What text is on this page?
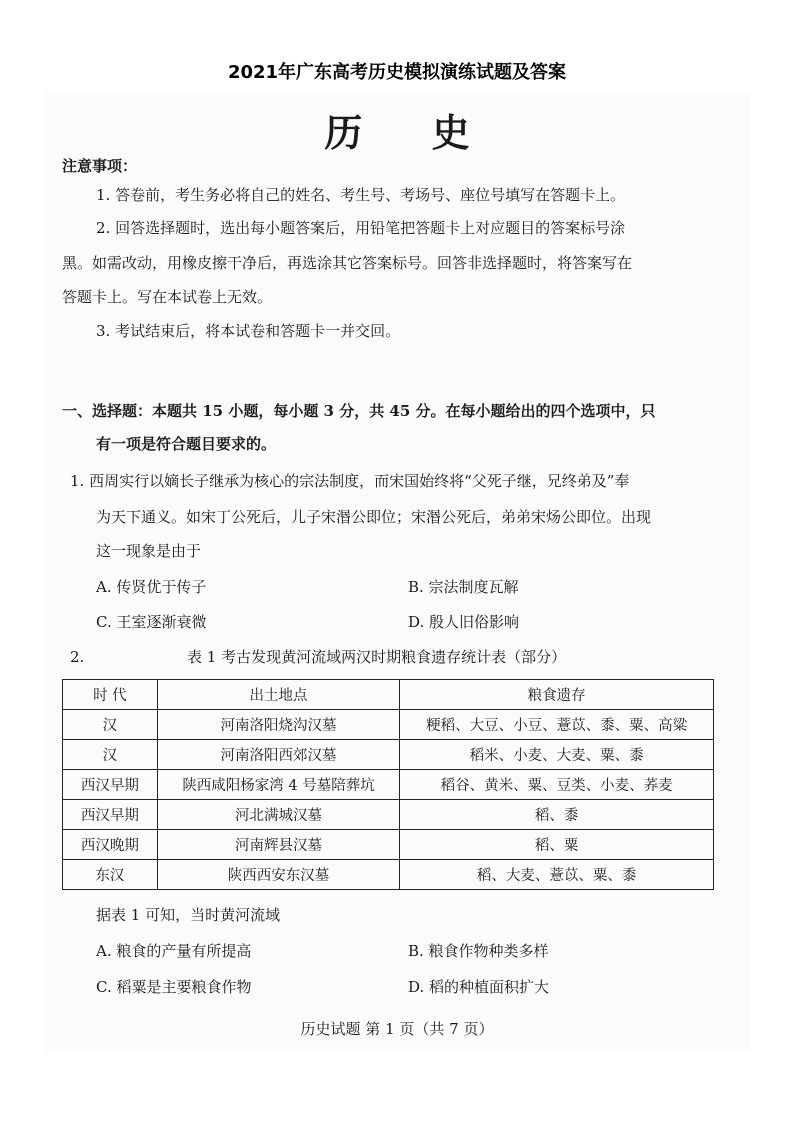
2021年广东高考历史模拟演练试题及答案
历 史
注意事项：
1. 答卷前，考生务必将自己的姓名、考生号、考场号、座位号填写在答题卡上。
2. 回答选择题时，选出每小题答案后，用铅笔把答题卡上对应题目的答案标号涂
黑。如需改动，用橡皮擦干净后，再选涂其它答案标号。回答非选择题时，将答案写在
答题卡上。写在本试卷上无效。
3. 考试结束后，将本试卷和答题卡一并交回。
一、选择题：本题共 15 小题，每小题 3 分，共 45 分。在每小题给出的四个选项中，只
有一项是符合题目要求的。
1. 西周实行以嫡长子继承为核心的宗法制度，而宋国始终将“父死子继，兄终弟及”奉
为天下通义。如宋丁公死后，儿子宋湣公即位；宋湣公死后，弟弟宋炀公即位。出现
这一现象是由于
A. 传贤优于传子	B. 宗法制度瓦解
C. 王室逐渐衰微	D. 殷人旧俗影响
2.	表 1 考古发现黄河流域两汉时期粮食遗存统计表（部分）
时 代	出土地点	粮食遗存
汉	河南洛阳烧沟汉墓	粳稻、大豆、小豆、薏苡、黍、粟、高粱
汉	河南洛阳西郊汉墓	稻米、小麦、大麦、粟、黍
西汉早期	陕西咸阳杨家湾 4 号墓陪葬坑	稻谷、黄米、粟、豆类、小麦、荞麦
西汉早期	河北满城汉墓	稻、黍
西汉晚期	河南辉县汉墓	稻、粟
东汉	陕西西安东汉墓	稻、大麦、薏苡、粟、黍
据表 1 可知，当时黄河流域
A. 粮食的产量有所提高	B. 粮食作物种类多样
C. 稻粟是主要粮食作物	D. 稻的种植面积扩大
历史试题 第 1 页（共 7 页）
